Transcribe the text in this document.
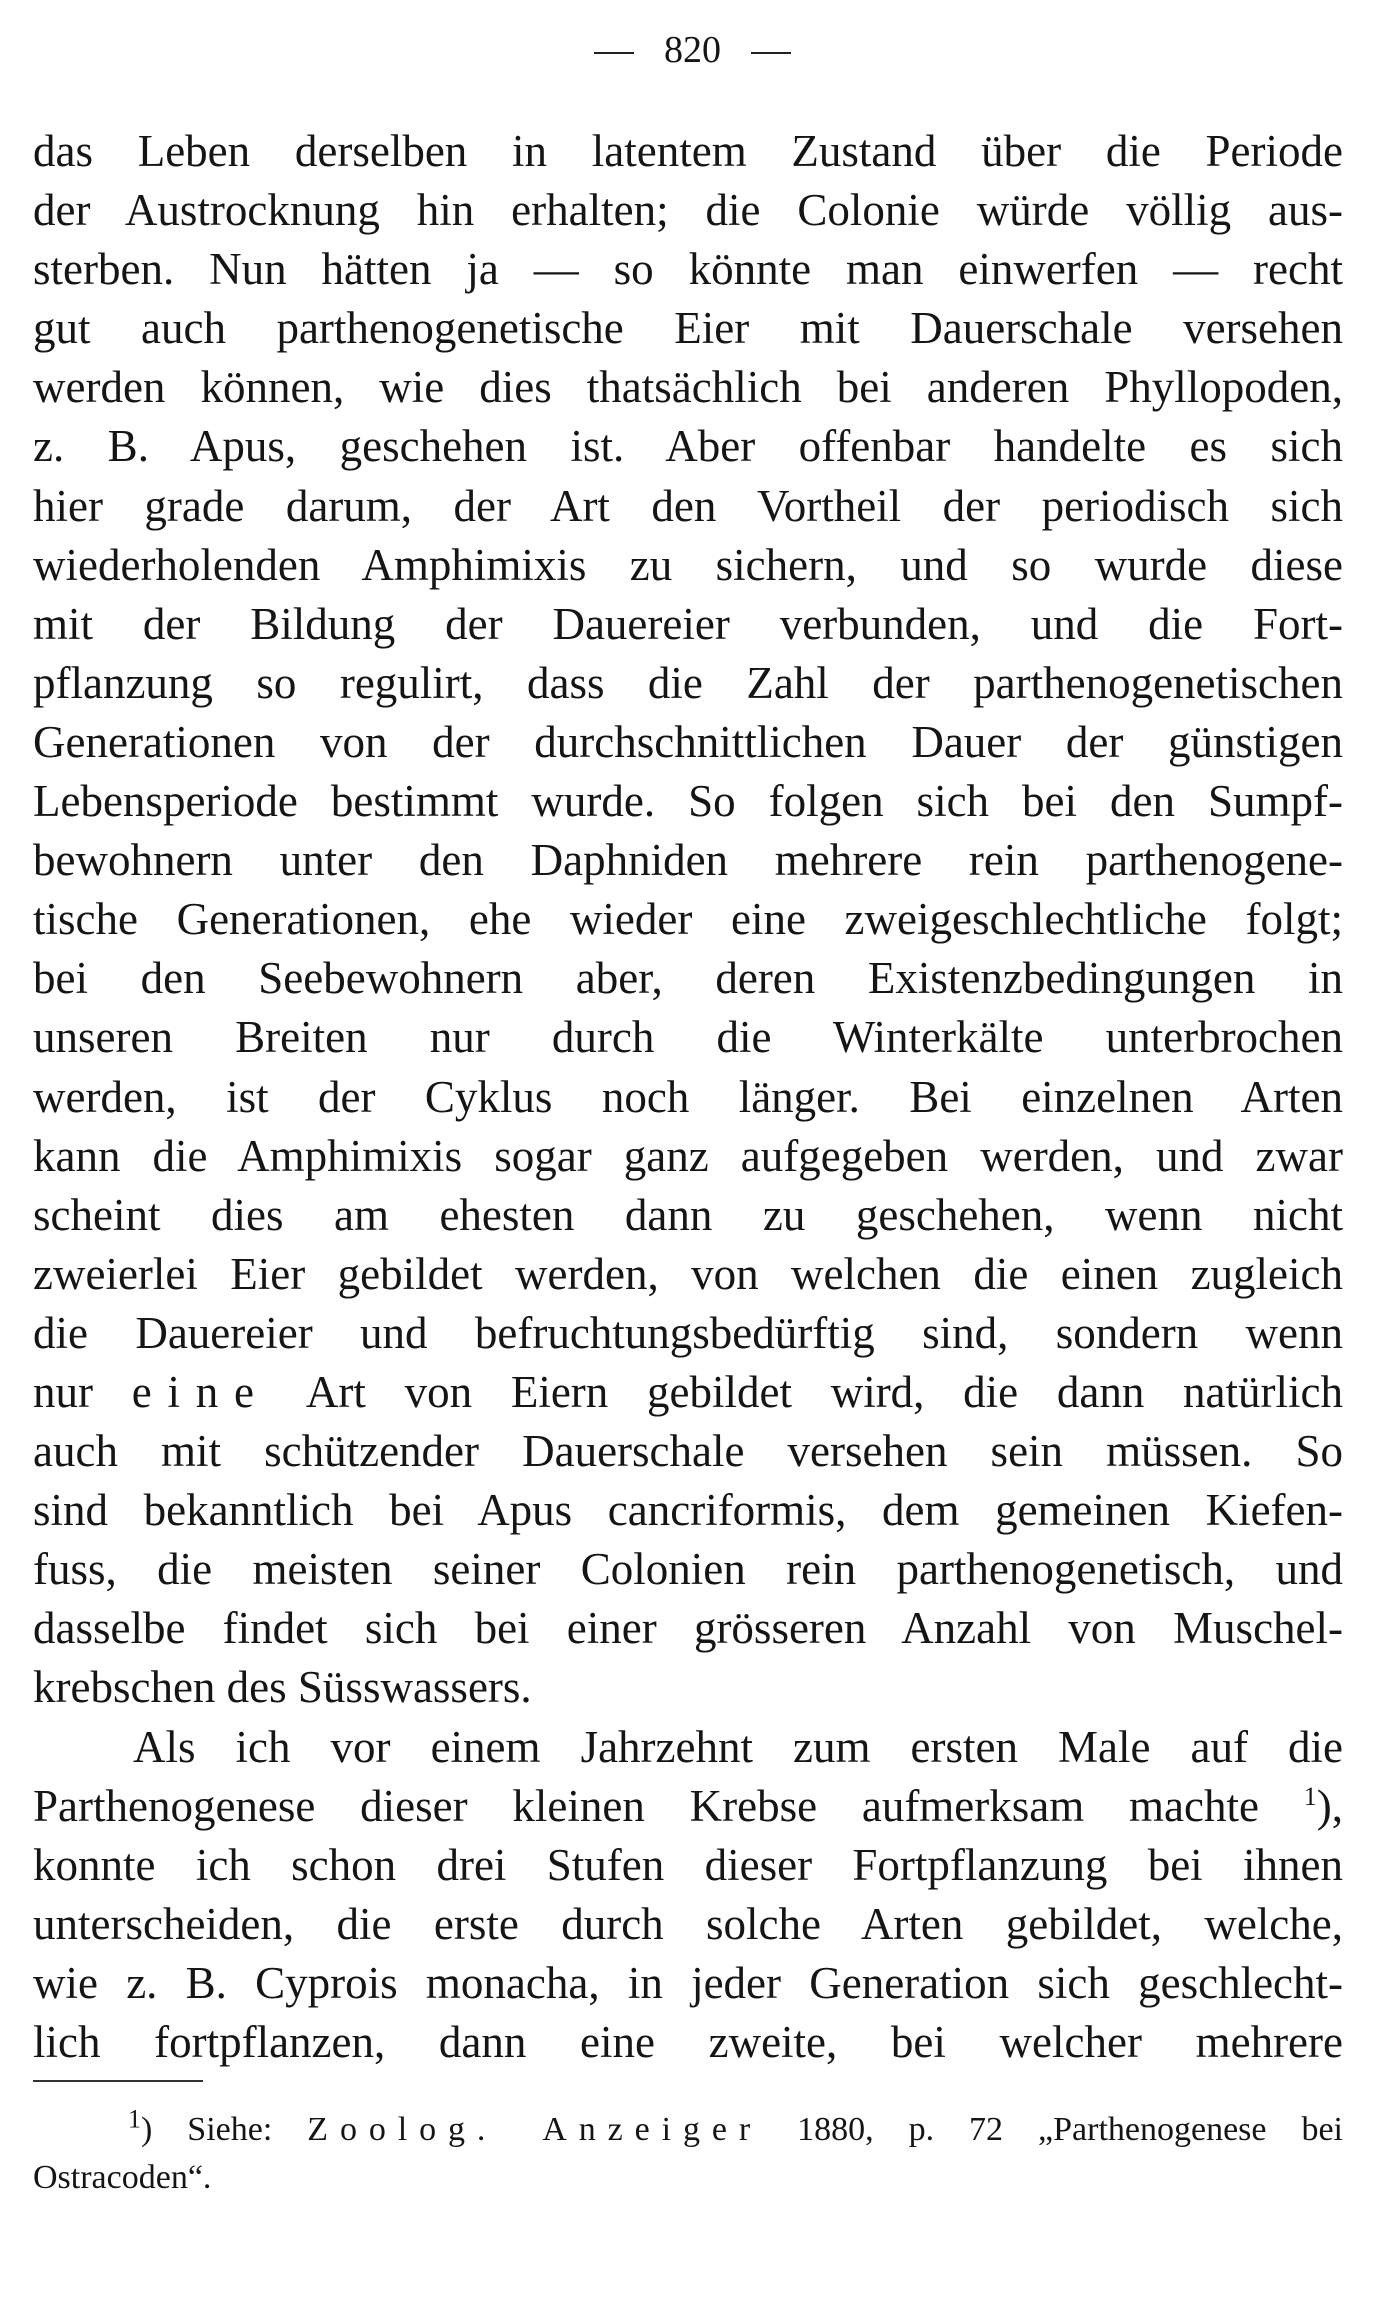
820
das Leben derselben in latentem Zustand über die Periode
der Austrocknung hin erhalten; die Colonie würde völlig aus-
sterben. Nun hätten ja — so könnte man einwerfen — recht
gut auch parthenogenetische Eier mit Dauerschale versehen
werden können, wie dies thatsächlich bei anderen Phyllopoden,
z. B. Apus, geschehen ist. Aber offenbar handelte es sich
hier grade darum, der Art den Vortheil der periodisch sich
wiederholenden Amphimixis zu sichern, und so wurde diese
mit der Bildung der Dauereier verbunden, und die Fort-
pflanzung so regulirt, dass die Zahl der parthenogenetischen
Generationen von der durchschnittlichen Dauer der günstigen
Lebensperiode bestimmt wurde. So folgen sich bei den Sumpf-
bewohnern unter den Daphniden mehrere rein parthenogene-
tische Generationen, ehe wieder eine zweigeschlechtliche folgt;
bei den Seebewohnern aber, deren Existenzbedingungen in
unseren Breiten nur durch die Winterkälte unterbrochen
werden, ist der Cyklus noch länger. Bei einzelnen Arten
kann die Amphimixis sogar ganz aufgegeben werden, und zwar
scheint dies am ehesten dann zu geschehen, wenn nicht
zweierlei Eier gebildet werden, von welchen die einen zugleich
die Dauereier und befruchtungsbedürftig sind, sondern wenn
nur eine Art von Eiern gebildet wird, die dann natürlich
auch mit schützender Dauerschale versehen sein müssen. So
sind bekanntlich bei Apus cancriformis, dem gemeinen Kiefen-
fuss, die meisten seiner Colonien rein parthenogenetisch, und
dasselbe findet sich bei einer grösseren Anzahl von Muschel-
krebschen des Süsswassers.
Als ich vor einem Jahrzehnt zum ersten Male auf die
Parthenogenese dieser kleinen Krebse aufmerksam machte $^1$),
konnte ich schon drei Stufen dieser Fortpflanzung bei ihnen
unterscheiden, die erste durch solche Arten gebildet, welche,
wie z. B. Cyprois monacha, in jeder Generation sich geschlecht-
lich fortpflanzen, dann eine zweite, bei welcher mehrere
$^1$) Siehe: Zoolog. Anzeiger 1880, p. 72 „Parthenogenese bei
Ostracoden“.
